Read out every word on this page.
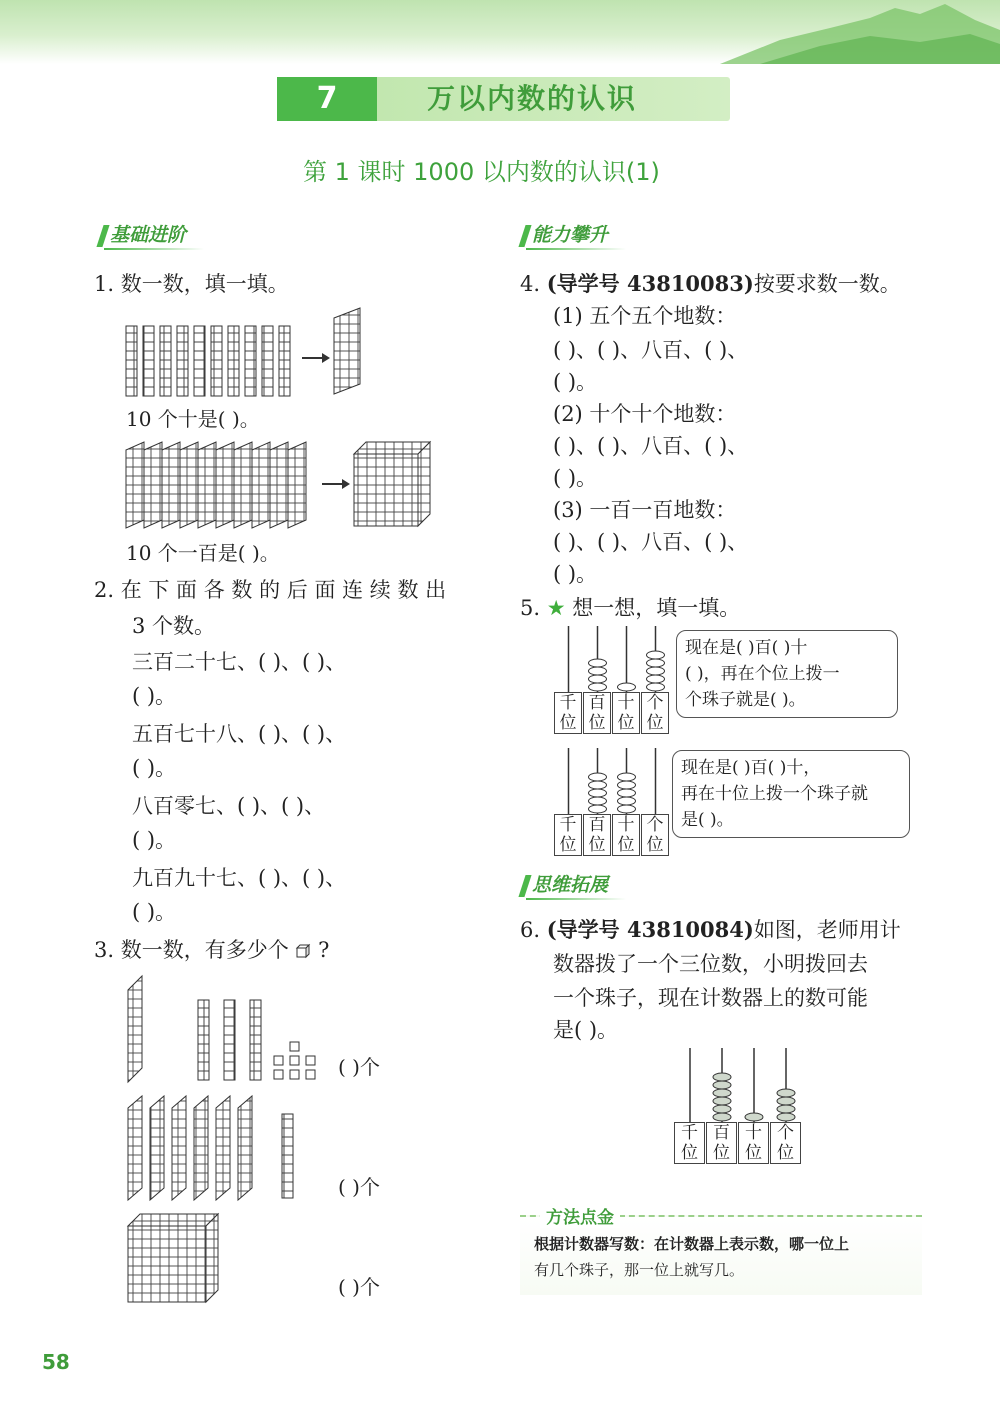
7	万以内数的认识
第 1 课时 1000 以内数的认识(1)
基础进阶
1. 数一数，填一填。
10 个十是( )。
10 个一百是( )。
2. 在 下 面 各 数 的 后 面 连 续 数 出
3 个数。
三百二十七、( )、( )、
( )。
五百七十八、( )、( )、
( )。
八百零七、( )、( )、
( )。
九百九十七、( )、( )、
( )。
3. 数一数，有多少个 ?
( )个
( )个
( )个
58
能力攀升
4. (导学号 43810083)按要求数一数。
(1) 五个五个地数：
( )、( )、八百、( )、
( )。
(2) 十个十个地数：
( )、( )、八百、( )、
( )。
(3) 一百一百地数：
( )、( )、八百、( )、
( )。
5. ★ 想一想，填一填。
千
位
百
位
十
位
个
位
现在是( )百( )十
( )，再在个位上拨一
个珠子就是( )。
千
位
百
位
十
位
个
位
现在是( )百( )十，
再在十位上拨一个珠子就
是( )。
思维拓展
6. (导学号 43810084)如图，老师用计
数器拨了一个三位数，小明拨回去
一个珠子，现在计数器上的数可能
是( )。
千
位
百
位
十
位
个
位
方法点金
根据计数器写数：在计数器上表示数，哪一位上
有几个珠子，那一位上就写几。
